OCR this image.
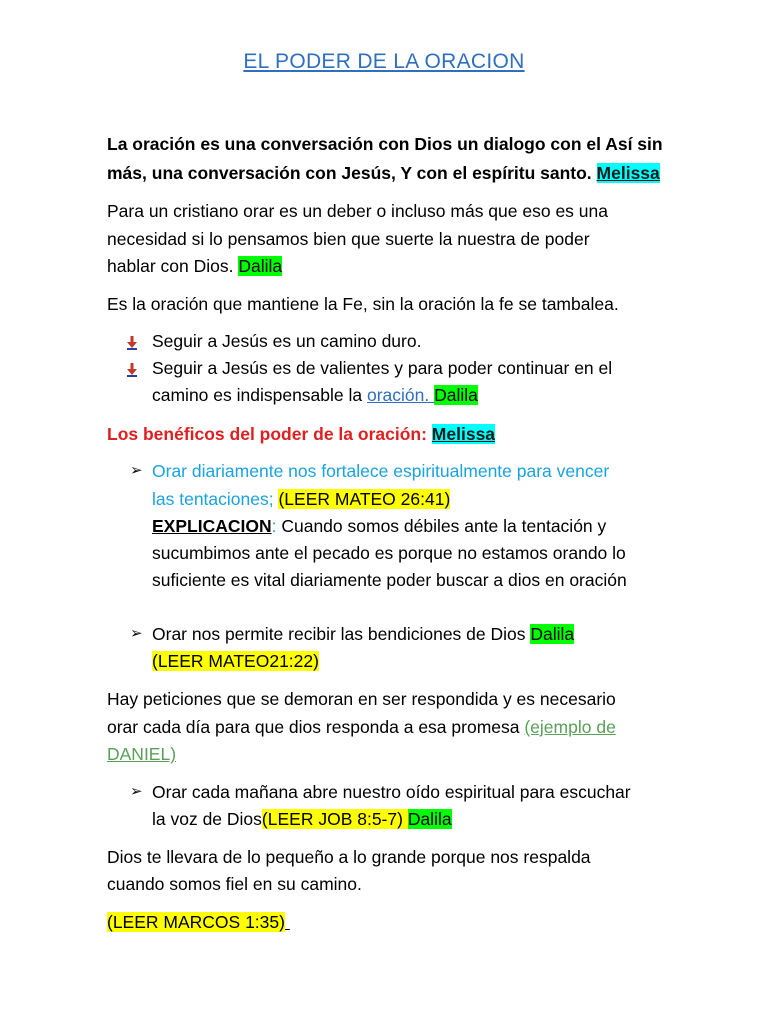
EL PODER DE LA ORACION
La oración es una conversación con Dios un dialogo con el Así sin
más, una conversación con Jesús, Y con el espíritu santo. Melissa
Para un cristiano orar es un deber o incluso más que eso es una
necesidad si lo pensamos bien que suerte la nuestra de poder
hablar con Dios. Dalila
Es la oración que mantiene la Fe, sin la oración la fe se tambalea.
Seguir a Jesús es un camino duro.
Seguir a Jesús es de valientes y para poder continuar en el
camino es indispensable la oración. Dalila
Los benéficos del poder de la oración: Melissa
➢ Orar diariamente nos fortalece espiritualmente para vencer
las tentaciones; (LEER MATEO 26:41)
EXPLICACION: Cuando somos débiles ante la tentación y
sucumbimos ante el pecado es porque no estamos orando lo
suficiente es vital diariamente poder buscar a dios en oración
➢ Orar nos permite recibir las bendiciones de Dios Dalila
(LEER MATEO21:22)
Hay peticiones que se demoran en ser respondida y es necesario
orar cada día para que dios responda a esa promesa (ejemplo de
DANIEL)
➢ Orar cada mañana abre nuestro oído espiritual para escuchar
la voz de Dios(LEER JOB 8:5-7) Dalila
Dios te llevara de lo pequeño a lo grande porque nos respalda
cuando somos fiel en su camino.
(LEER MARCOS 1:35)
